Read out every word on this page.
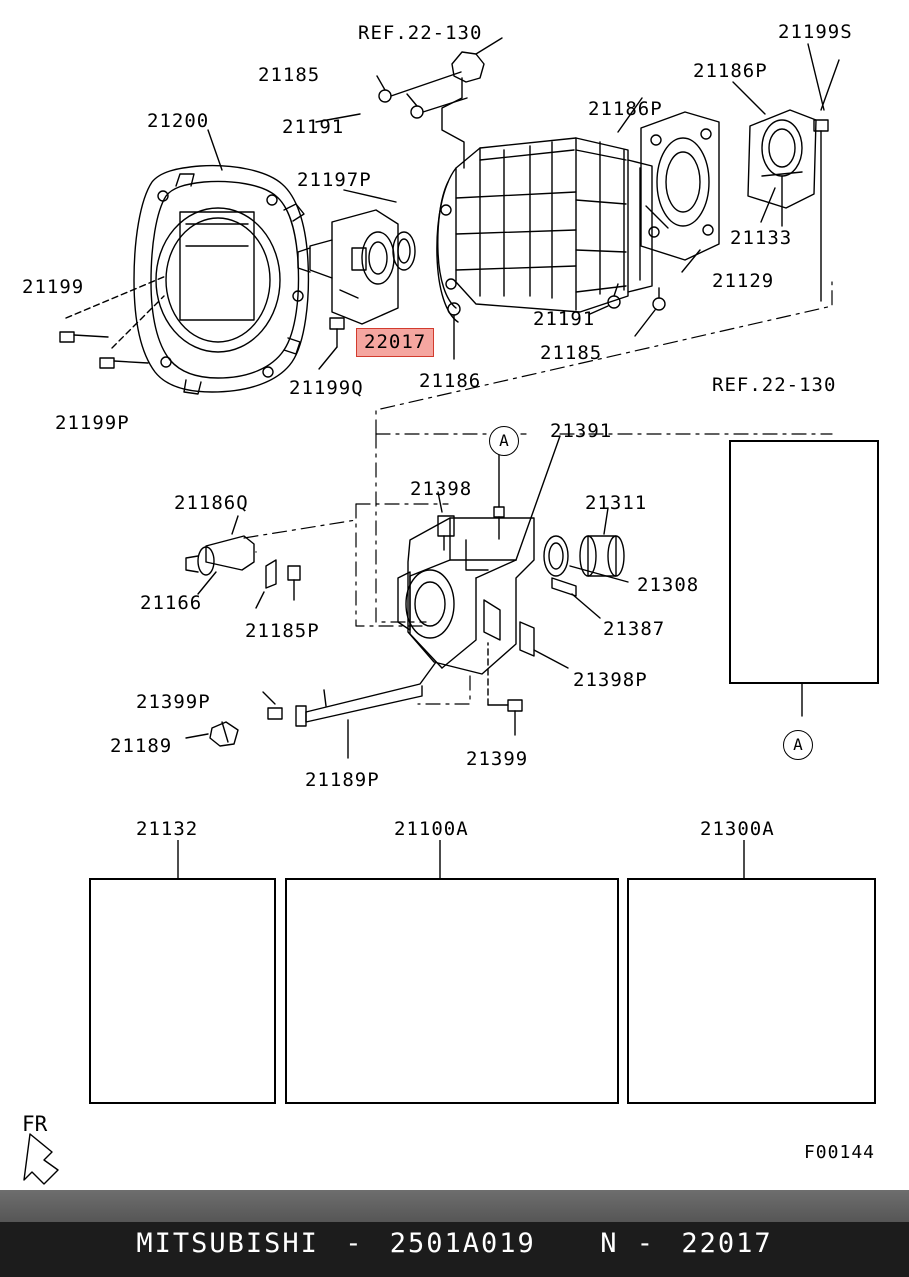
A
A
REF.22-130
REF.22-130
21199S
21185	21186P
21191
21200
21186P
21197P
21133
21199	21129
21191
22017	21185
21199Q	21186
21199P	21391
21398
21311
21186Q
21308
21166
21387
21185P
21398P
21399P
21189
21399
21189P
21132	21100A	21300A
FR
F00144
MITSUBISHI - 2501A019 N - 22017
